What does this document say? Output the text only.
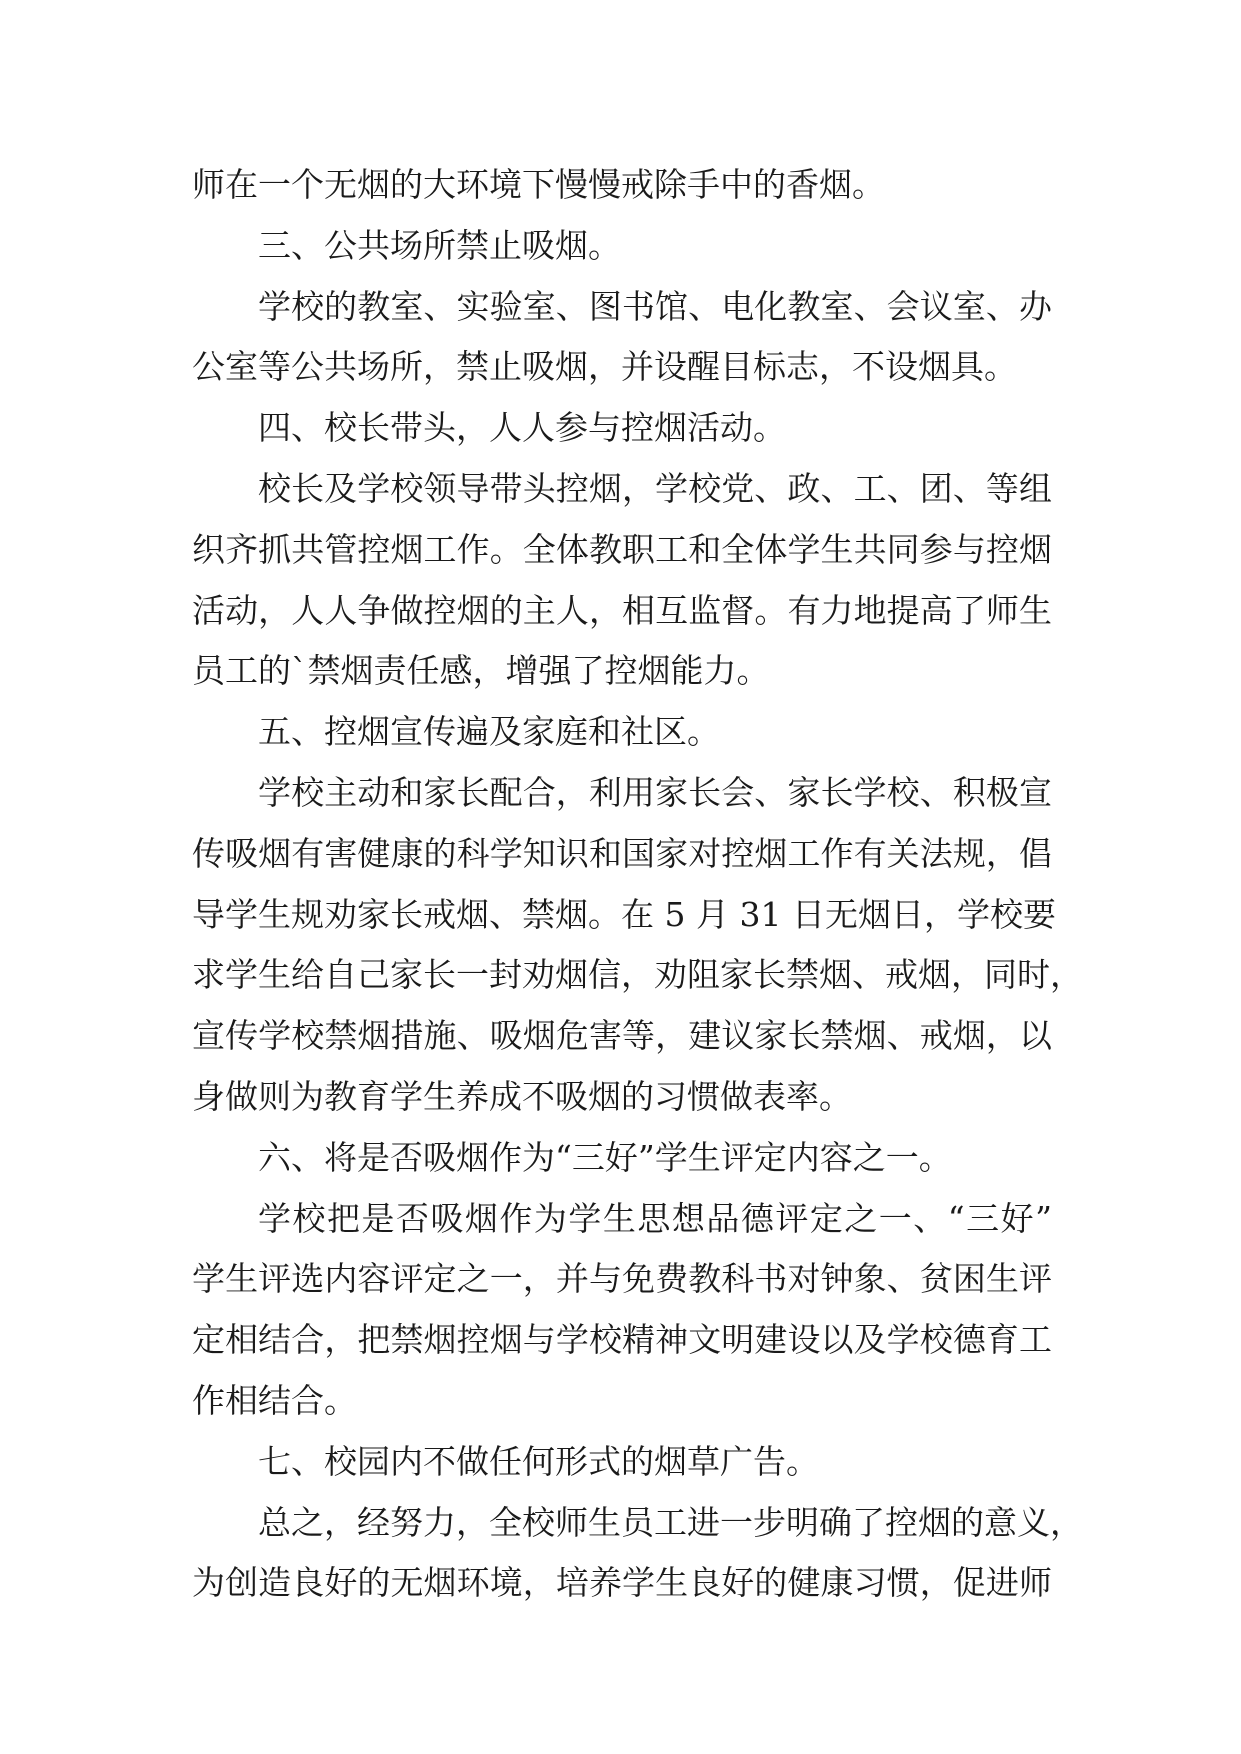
师在一个无烟的大环境下慢慢戒除手中的香烟。
三、公共场所禁止吸烟。
学校的教室、实验室、图书馆、电化教室、会议室、办
公室等公共场所，禁止吸烟，并设醒目标志，不设烟具。
四、校长带头，人人参与控烟活动。
校长及学校领导带头控烟，学校党、政、工、团、等组
织齐抓共管控烟工作。全体教职工和全体学生共同参与控烟
活动，人人争做控烟的主人，相互监督。有力地提高了师生
员工的`禁烟责任感，增强了控烟能力。
五、控烟宣传遍及家庭和社区。
学校主动和家长配合，利用家长会、家长学校、积极宣
传吸烟有害健康的科学知识和国家对控烟工作有关法规，倡
导学生规劝家长戒烟、禁烟。在 5 月 31 日无烟日，学校要
求学生给自己家长一封劝烟信，劝阻家长禁烟、戒烟，同时，
宣传学校禁烟措施、吸烟危害等，建议家长禁烟、戒烟，以
身做则为教育学生养成不吸烟的习惯做表率。
六、将是否吸烟作为“三好”学生评定内容之一。
学校把是否吸烟作为学生思想品德评定之一、“三好”
学生评选内容评定之一，并与免费教科书对钟象、贫困生评
定相结合，把禁烟控烟与学校精神文明建设以及学校德育工
作相结合。
七、校园内不做任何形式的烟草广告。
总之，经努力，全校师生员工进一步明确了控烟的意义，
为创造良好的无烟环境，培养学生良好的健康习惯，促进师
